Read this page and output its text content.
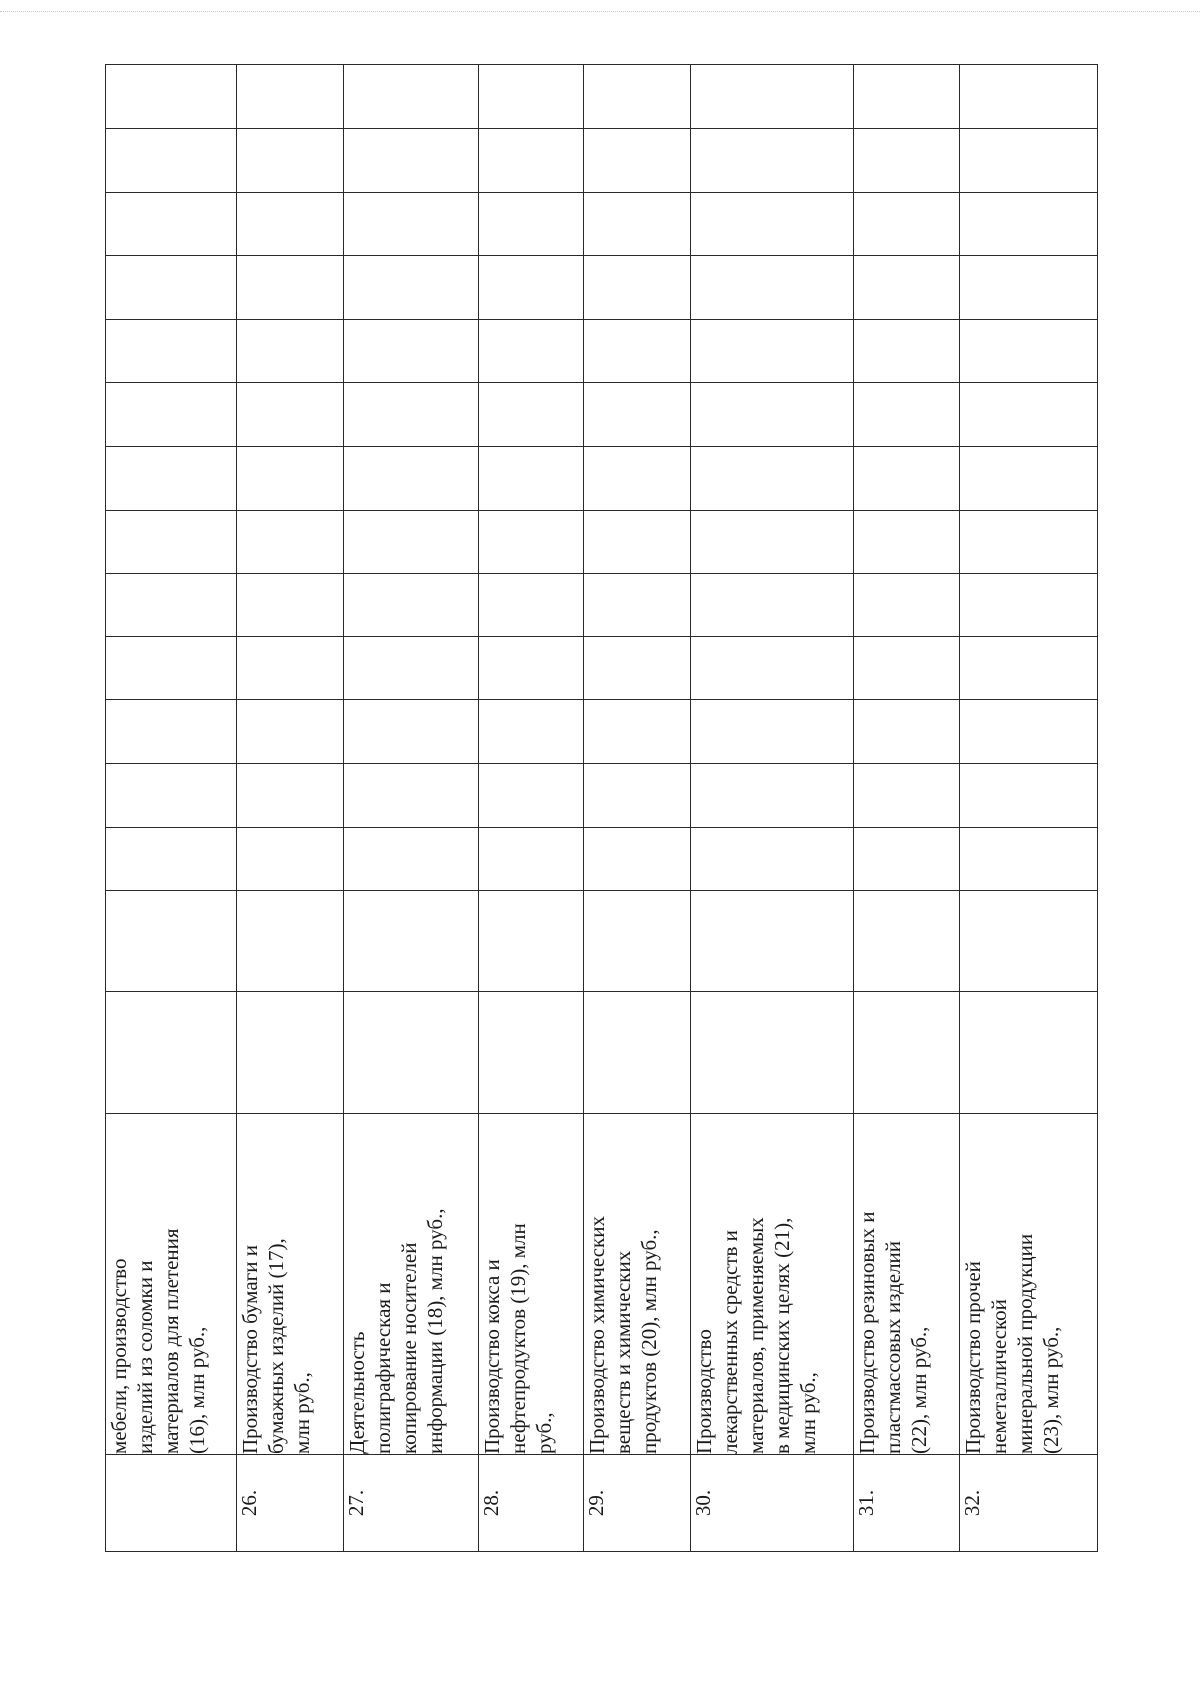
	мебели, производство изделий из соломки и материалов для плетения (16), млн руб.,															

26.	Производство бумаги и бумажных изделий (17), млн руб.,															

27.	Деятельность полиграфическая и копирование носителей информации (18), млн руб.,															

28.	Производство кокса и нефтепродуктов (19), млн руб.,															

29.	Производство химических веществ и химических продуктов (20), млн руб.,															

30.	Производство лекарственных средств и материалов, применяемых в медицинских целях (21), млн руб.,															

31.	Производство резиновых и пластмассовых изделий (22), млн руб.,															

32.	Производство прочей неметаллической минеральной продукции (23), млн руб.,															
